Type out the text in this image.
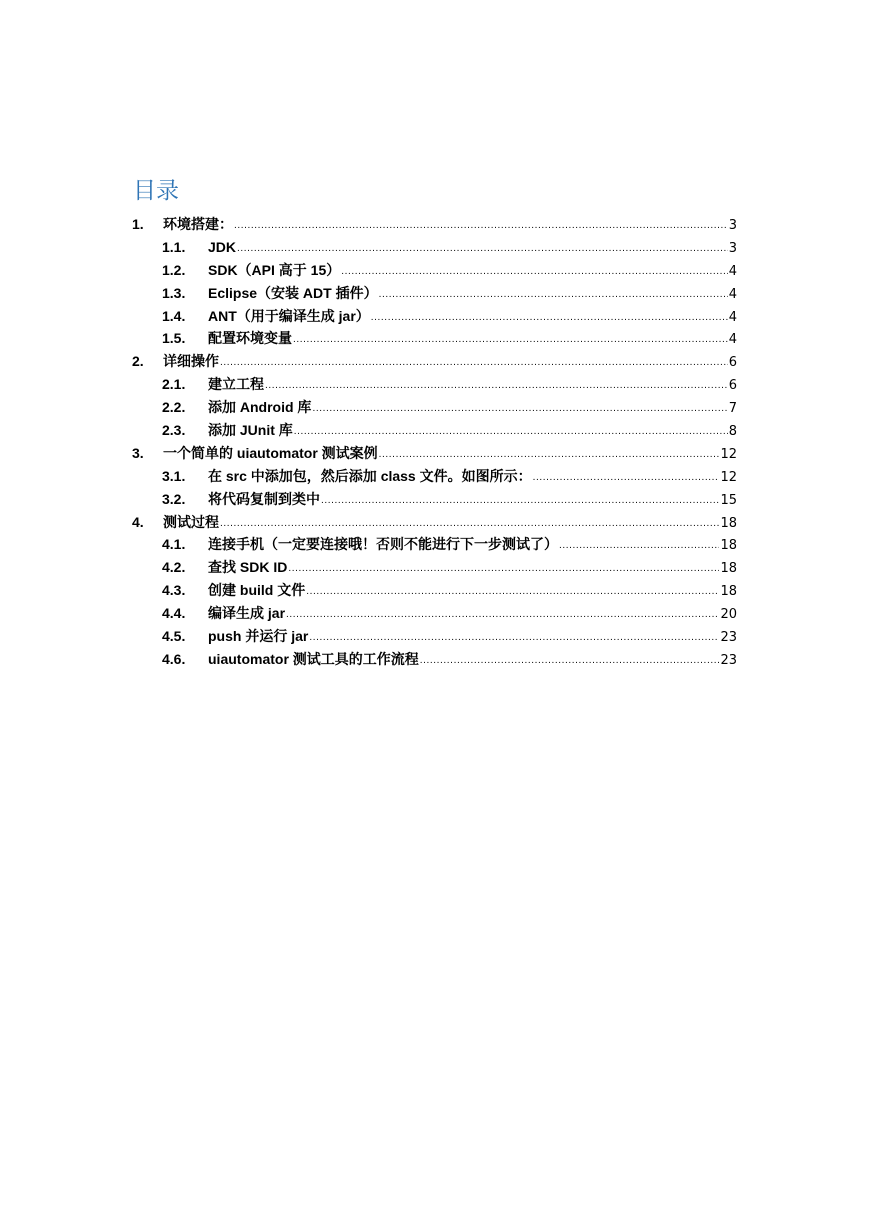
目录
1.	环境搭建： .....	3
1.1.	JDK .....	3
1.2.	SDK（API 高于 15） .....	4
1.3.	Eclipse（安装 ADT 插件） .....	4
1.4.	ANT（用于编译生成 jar） .....	4
1.5.	配置环境变量 .....	4
2.	详细操作 .....	6
2.1.	建立工程 .....	6
2.2.	添加 Android 库 .....	7
2.3.	添加 JUnit 库 .....	8
3.	一个简单的 uiautomator 测试案例 .....	12
3.1.	在 src 中添加包，然后添加 class 文件。如图所示： .....	12
3.2.	将代码复制到类中 .....	15
4.	测试过程 .....	18
4.1.	连接手机（一定要连接哦！否则不能进行下一步测试了） .....	18
4.2.	查找 SDK ID .....	18
4.3.	创建 build 文件 .....	18
4.4.	编译生成 jar .....	20
4.5.	push 并运行 jar .....	23
4.6.	uiautomator 测试工具的工作流程 .....	23
